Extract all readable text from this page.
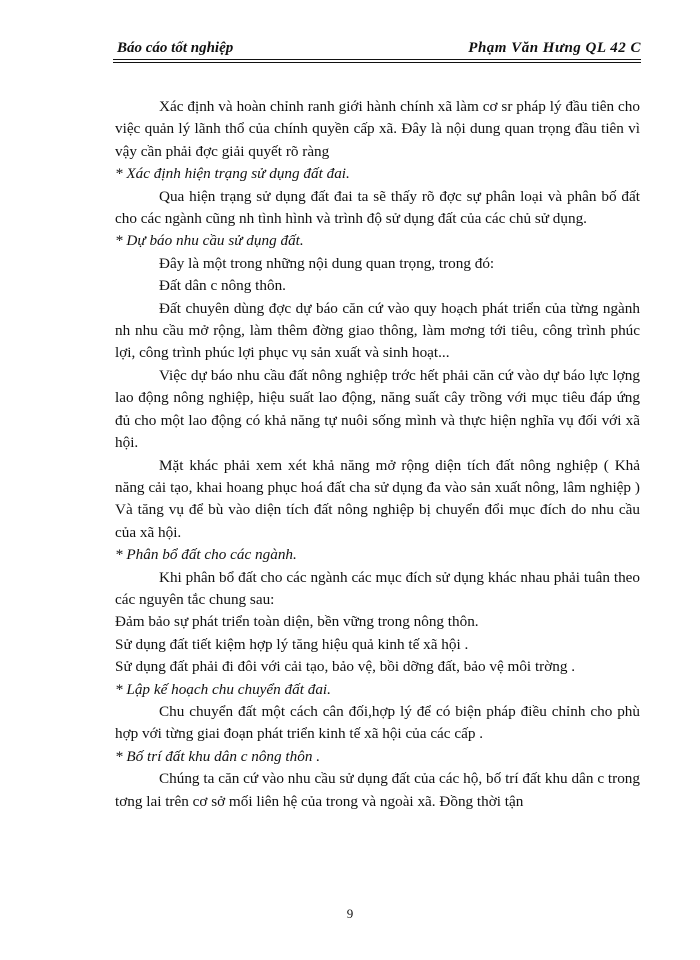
Báo cáo tốt nghiệp	Phạm Văn Hưng QL 42 C

Xác định và hoàn chỉnh ranh giới hành chính xã làm cơ sr pháp lý đầu tiên cho việc quản lý lãnh thổ của chính quyền cấp xã. Đây là nội dung quan trọng đầu tiên vì vậy cần phải đợc giải quyết rõ ràng

* Xác định hiện trạng sử dụng đất đai.

Qua hiện trạng sử dụng đất đai ta sẽ thấy rõ đợc sự phân loại và phân bố đất cho các ngành cũng nh tình hình và trình độ sử dụng đất của các chủ sử dụng.

* Dự báo nhu cầu sử dụng đất.

Đây là một trong những nội dung quan trọng, trong đó:

Đất dân c nông thôn.

Đất chuyên dùng đợc dự báo căn cứ vào quy hoạch phát triển của từng ngành nh nhu cầu mở rộng, làm thêm đờng giao thông, làm mơng tới tiêu, công trình phúc lợi, công trình phúc lợi phục vụ sản xuất và sinh hoạt...

Việc dự báo nhu cầu đất nông nghiệp trớc hết phải căn cứ vào dự báo lực lợng lao động nông nghiệp, hiệu suất lao động, năng suất cây trồng với mục tiêu đáp ứng đủ cho một lao động có khả năng tự nuôi sống mình và thực hiện nghĩa vụ đối với xã hội.

Mặt khác phải xem xét khả năng mở rộng diện tích đất nông nghiệp ( Khả năng cải tạo, khai hoang phục hoá đất cha sử dụng đa vào sản xuất nông, lâm nghiệp ) Và tăng vụ để bù vào diện tích đất nông nghiệp bị chuyển đổi mục đích do nhu cầu của xã hội.

* Phân bổ đất cho các ngành.

Khi phân bổ đất cho các ngành các mục đích sử dụng khác nhau phải tuân theo các nguyên tắc chung sau:

Đảm bảo sự phát triển toàn diện, bền vững trong nông thôn.

Sử dụng đất tiết kiệm hợp lý tăng hiệu quả kinh tế xã hội .

Sử dụng đất phải đi đôi với cải tạo, bảo vệ, bồi dỡng đất, bảo vệ môi trờng .

* Lập kế hoạch chu chuyển đất đai.

Chu chuyển đất một cách cân đối,hợp lý để có biện pháp điều chỉnh cho phù hợp với từng giai đoạn phát triển kinh tế xã hội của các cấp .

* Bố trí đất khu dân c nông thôn .

Chúng ta căn cứ vào nhu cầu sử dụng đất của các hộ, bố trí đất khu dân c trong tơng lai trên cơ sở mối liên hệ của trong và ngoài xã. Đồng thời tận

9
